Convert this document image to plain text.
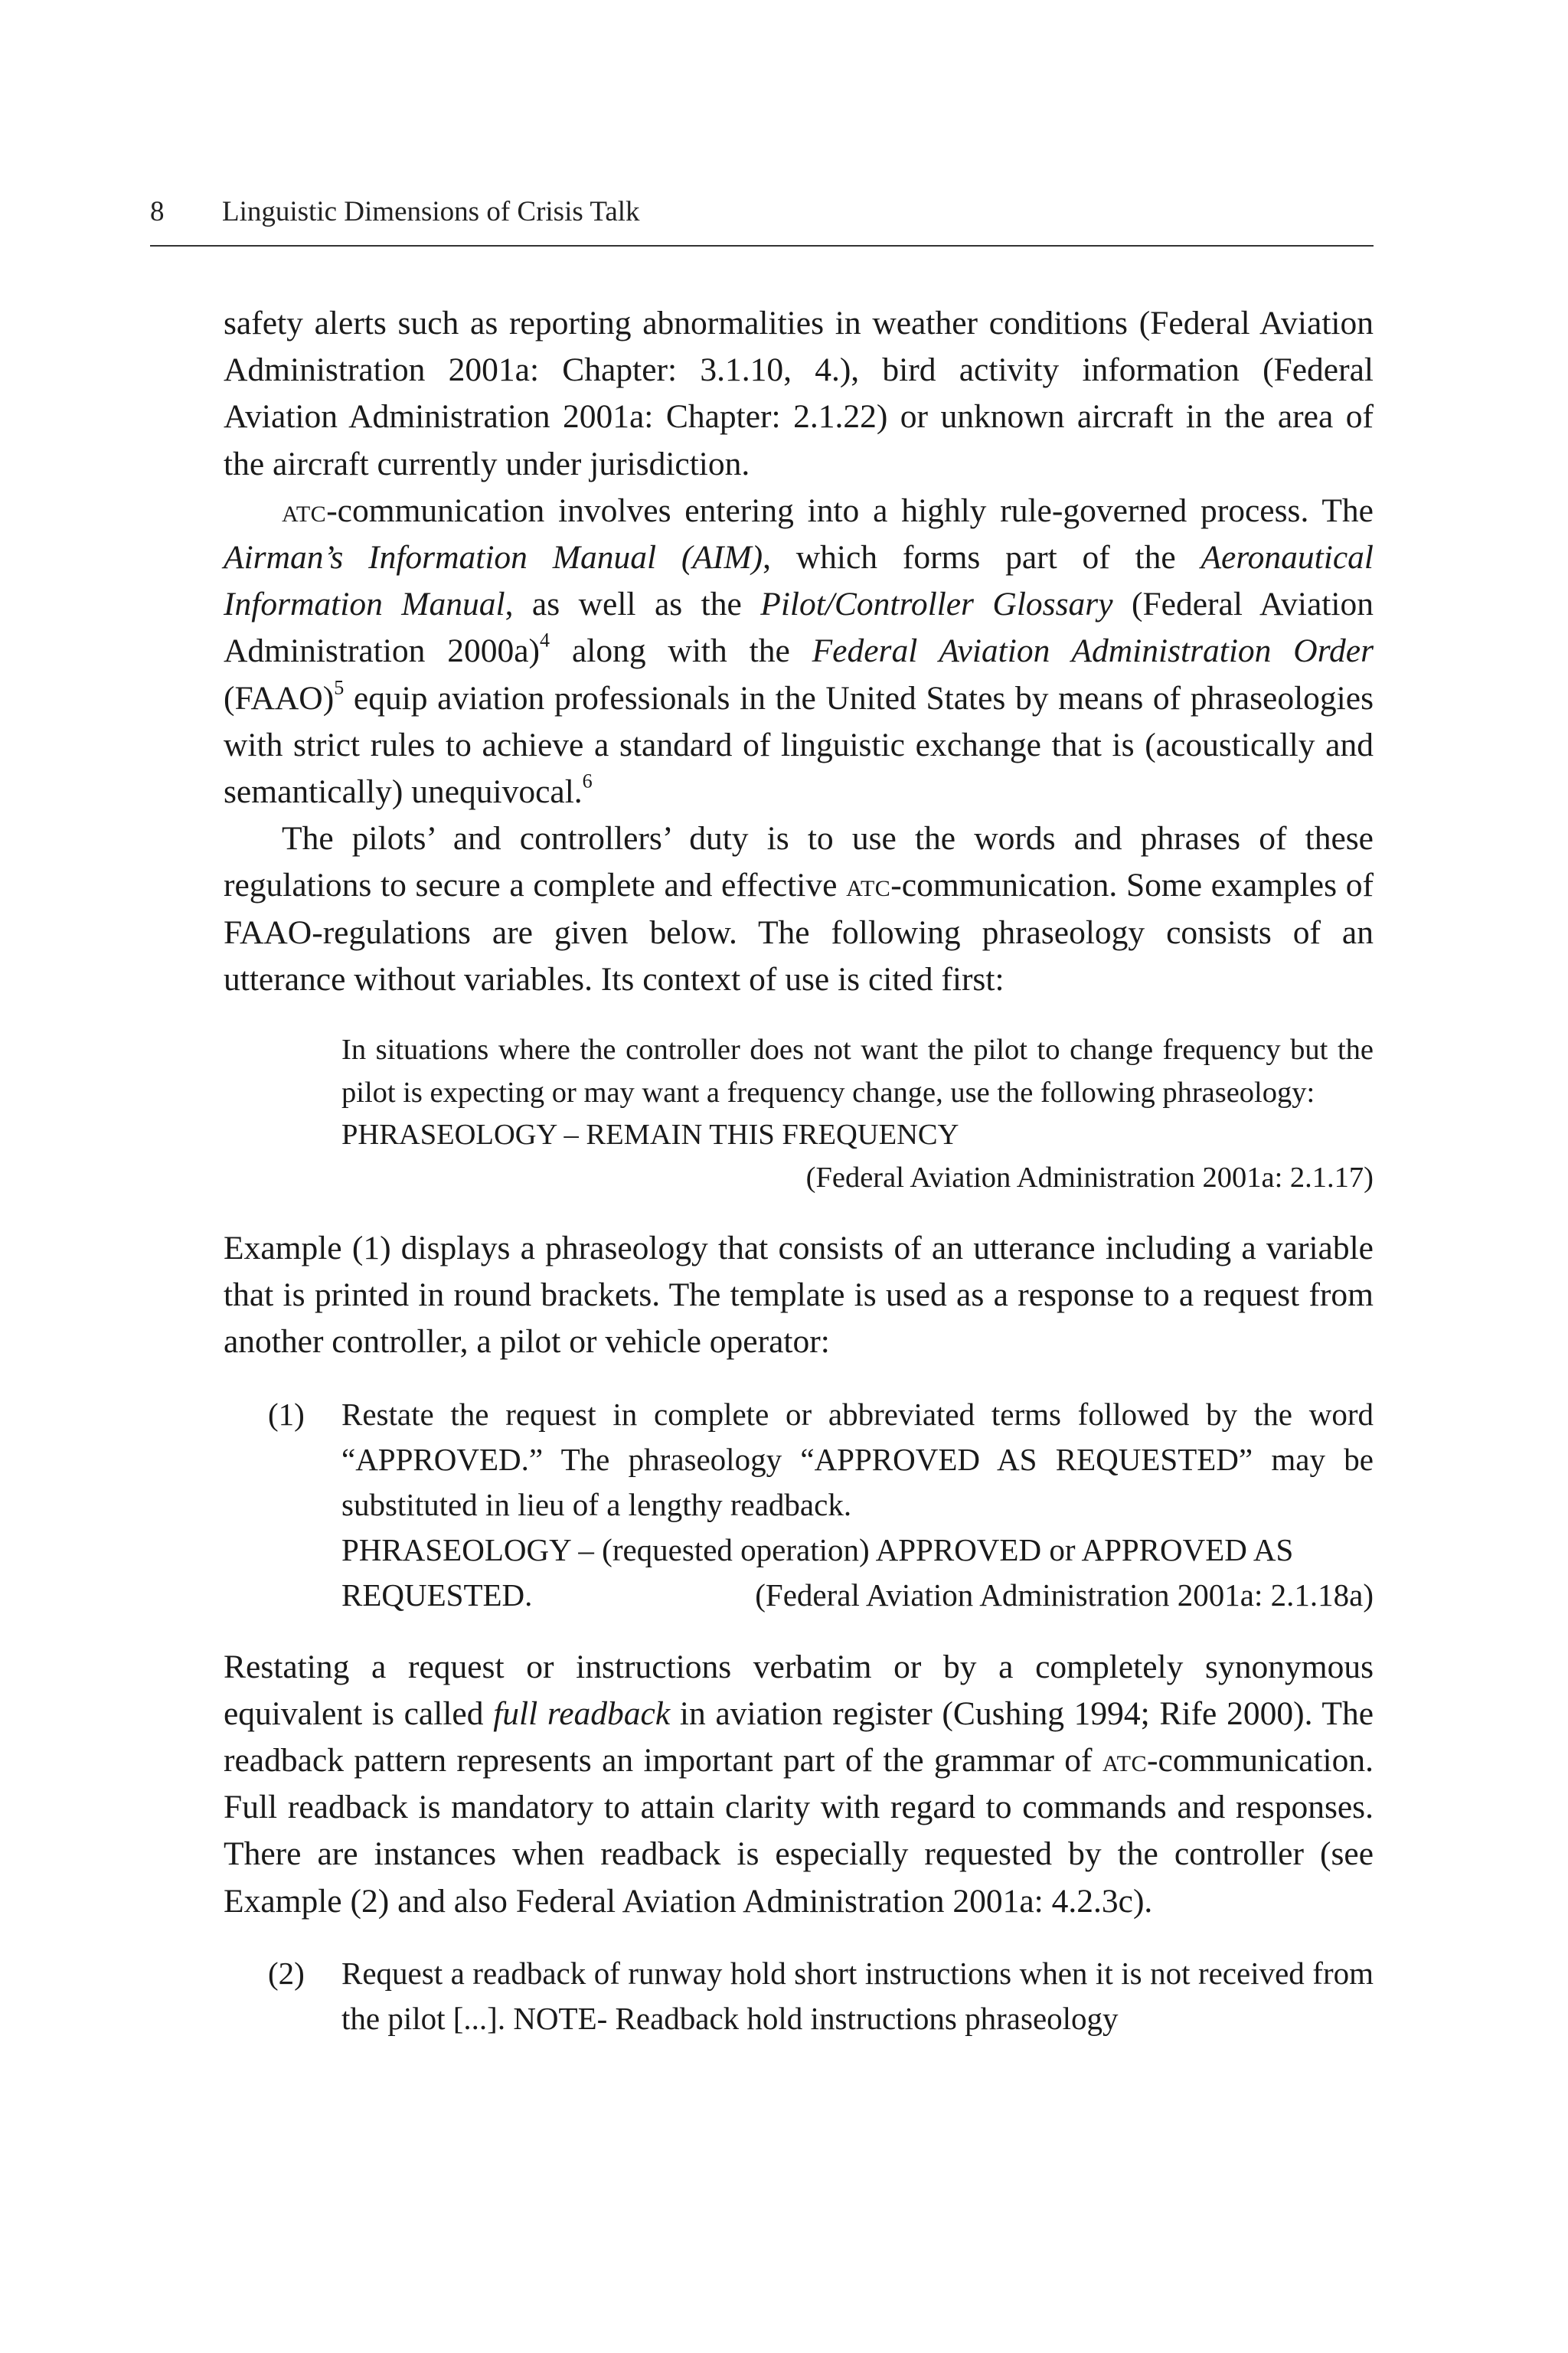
8 Linguistic Dimensions of Crisis Talk

safety alerts such as reporting abnormalities in weather conditions (Federal Aviation Administration 2001a: Chapter: 3.1.10, 4.), bird activity information (Federal Aviation Administration 2001a: Chapter: 2.1.22) or unknown aircraft in the area of the aircraft currently under jurisdiction.

atc-communication involves entering into a highly rule-governed process. The Airman’s Information Manual (AIM), which forms part of the Aeronautical Information Manual, as well as the Pilot/Controller Glossary (Federal Aviation Administration 2000a)$^4$ along with the Federal Aviation Administration Order (FAAO)$^5$ equip aviation professionals in the United States by means of phraseologies with strict rules to achieve a standard of linguistic exchange that is (acoustically and semantically) unequivocal.$^6$

The pilots’ and controllers’ duty is to use the words and phrases of these regulations to secure a complete and effective atc-communication. Some examples of FAAO-regulations are given below. The following phraseology consists of an utterance without variables. Its context of use is cited first:

In situations where the controller does not want the pilot to change frequency but the pilot is expecting or may want a frequency change, use the following phraseology:

PHRASEOLOGY – REMAIN THIS FREQUENCY

(Federal Aviation Administration 2001a: 2.1.17)

Example (1) displays a phraseology that consists of an utterance including a variable that is printed in round brackets. The template is used as a response to a request from another controller, a pilot or vehicle operator:

(1) Restate the request in complete or abbreviated terms followed by the word “APPROVED.” The phraseology “APPROVED AS REQUESTED” may be substituted in lieu of a lengthy readback.

PHRASEOLOGY – (requested operation) APPROVED or APPROVED AS

REQUESTED.	(Federal Aviation Administration 2001a: 2.1.18a)

Restating a request or instructions verbatim or by a completely synonymous equivalent is called full readback in aviation register (Cushing 1994; Rife 2000). The readback pattern represents an important part of the grammar of atc-communication. Full readback is mandatory to attain clarity with regard to commands and responses. There are instances when readback is especially requested by the controller (see Example (2) and also Federal Aviation Administration 2001a: 4.2.3c).

(2) Request a readback of runway hold short instructions when it is not received from the pilot [...]. NOTE- Readback hold instructions phraseology
